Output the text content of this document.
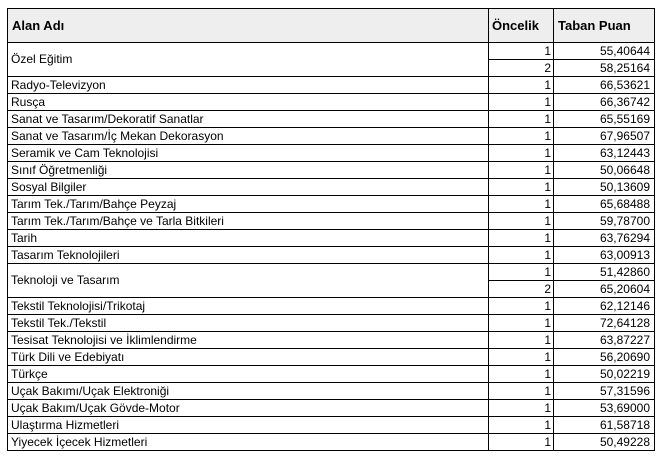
Alan Adı	Öncelik	Taban Puan
Özel Eğitim	1	55,40644
	2	58,25164
Radyo-Televizyon	1	66,53621
Rusça	1	66,36742
Sanat ve Tasarım/Dekoratif Sanatlar	1	65,55169
Sanat ve Tasarım/İç Mekan Dekorasyon	1	67,96507
Seramik ve Cam Teknolojisi	1	63,12443
Sınıf Öğretmenliği	1	50,06648
Sosyal Bilgiler	1	50,13609
Tarım Tek./Tarım/Bahçe Peyzaj	1	65,68488
Tarım Tek./Tarım/Bahçe ve Tarla Bitkileri	1	59,78700
Tarih	1	63,76294
Tasarım Teknolojileri	1	63,00913
Teknoloji ve Tasarım	1	51,42860
	2	65,20604
Tekstil Teknolojisi/Trikotaj	1	62,12146
Tekstil Tek./Tekstil	1	72,64128
Tesisat Teknolojisi ve İklimlendirme	1	63,87227
Türk Dili ve Edebiyatı	1	56,20690
Türkçe	1	50,02219
Uçak Bakımı/Uçak Elektroniği	1	57,31596
Uçak Bakım/Uçak Gövde-Motor	1	53,69000
Ulaştırma Hizmetleri	1	61,58718
Yiyecek İçecek Hizmetleri	1	50,49228
